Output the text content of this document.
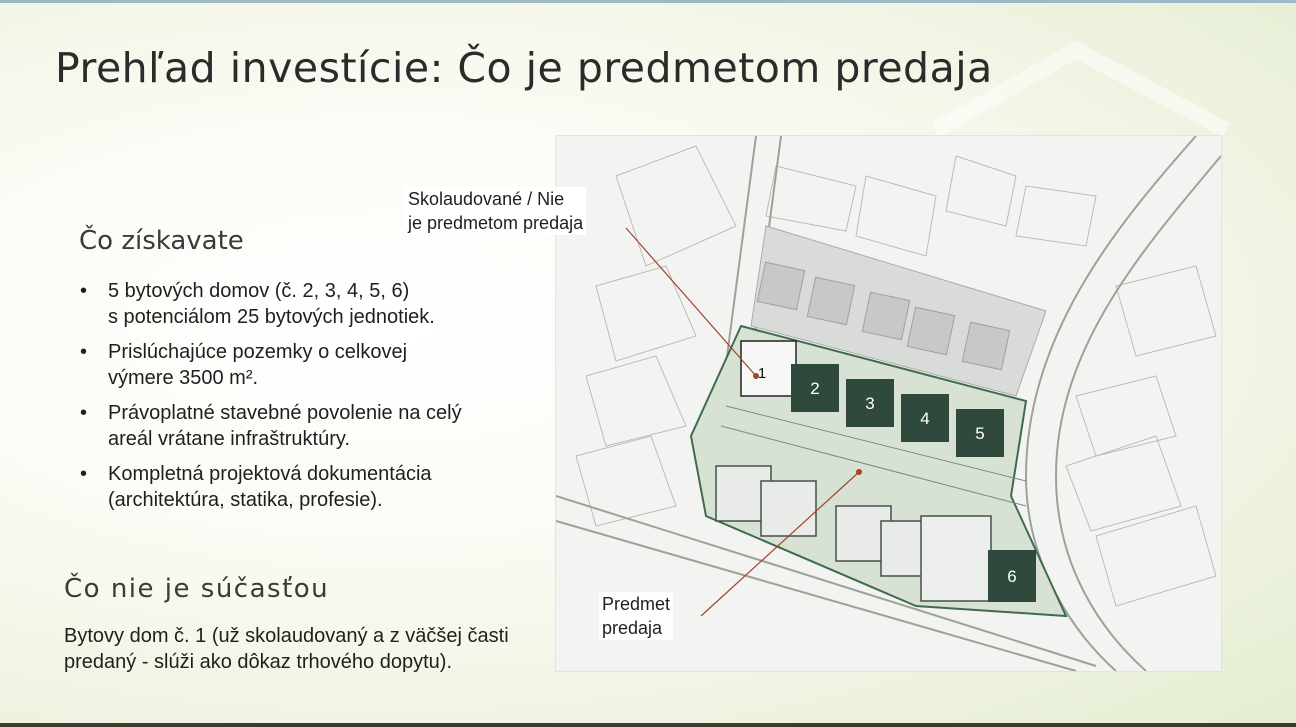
Prehľad investície: Čo je predmetom predaja
Čo získavate
• 5 bytových domov (č. 2, 3, 4, 5, 6)
s potenciálom 25 bytových jednotiek.
• Prislúchajúce pozemky o celkovej
výmere 3500 m².
• Právoplatné stavebné povolenie na celý
areál vrátane infraštruktúry.
• Kompletná projektová dokumentácia
(architektúra, statika, profesie).
Čo nie je súčasťou
Bytovy dom č. 1 (už skolaudovaný a z väčšej časti predaný - slúži ako dôkaz trhového dopytu).
1
2
3
4
5
6
Skolaudované / Nie
je predmetom predaja
Predmet
predaja
